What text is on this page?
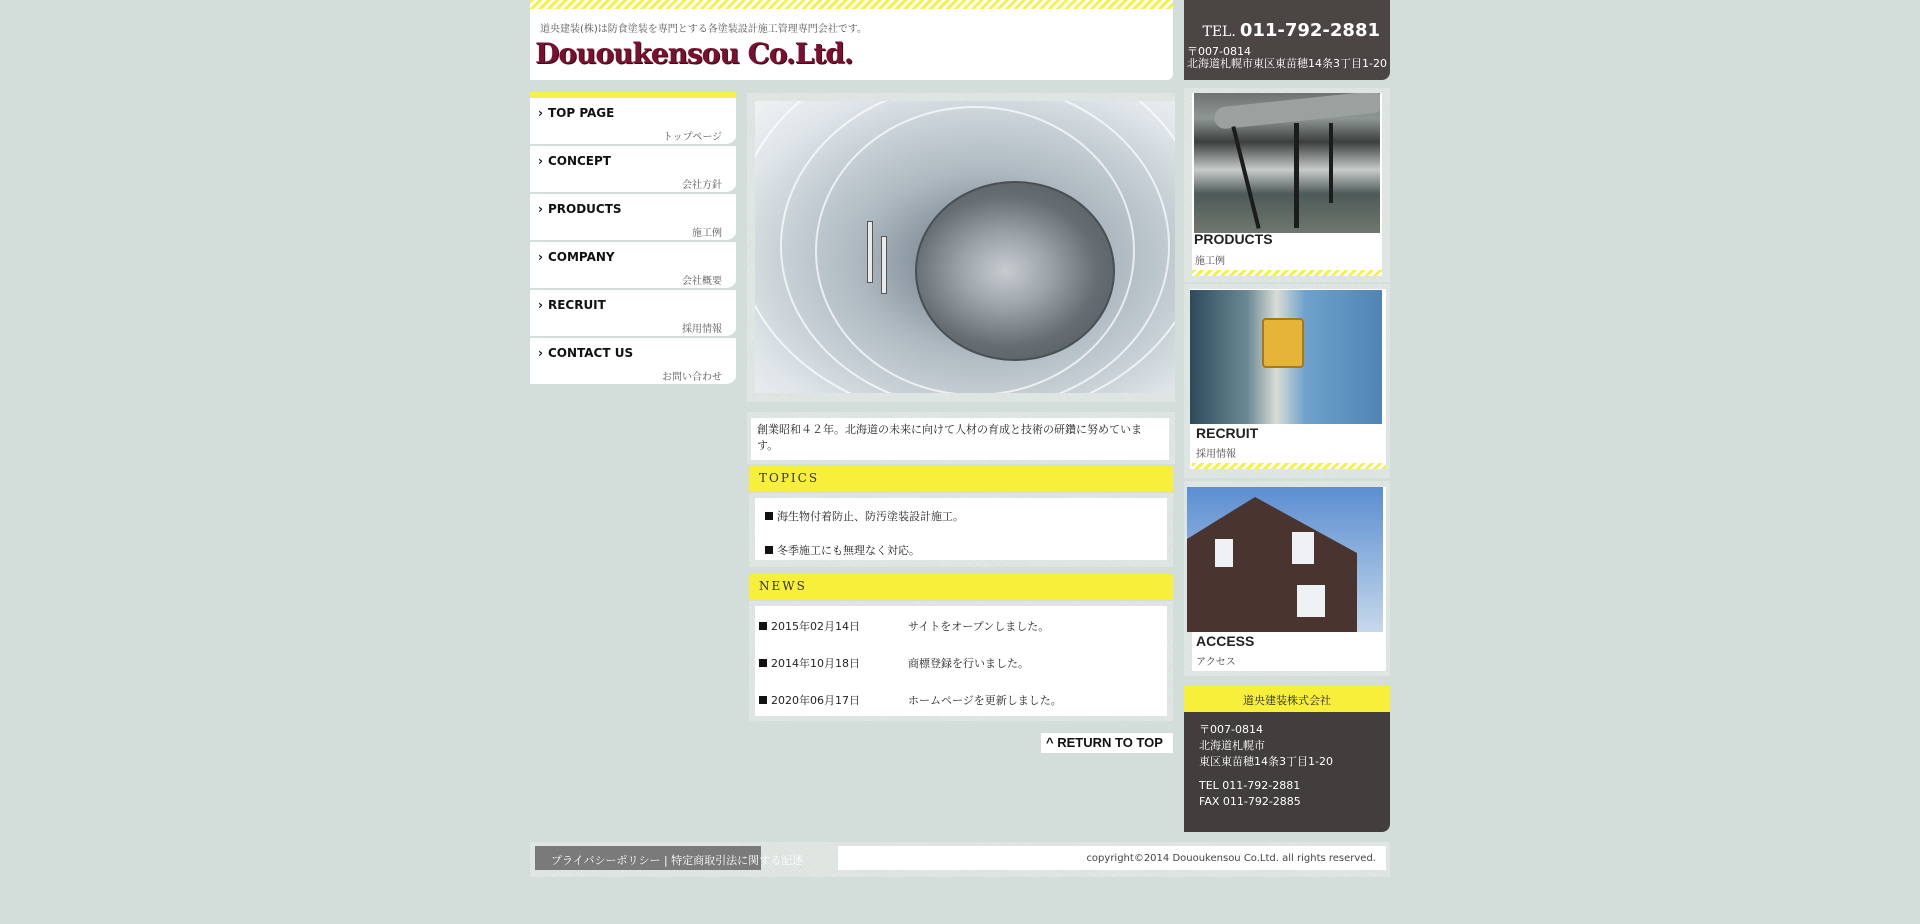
道央建装(株)は防食塗装を専門とする各塗装設計施工管理専門会社です。
Dououkensou Co.Ltd.
TEL. 011-792-2881
〒007-0814
北海道札幌市東区東苗穂14条3丁目1-20
› TOP PAGE
トップページ
› CONCEPT
会社方針
› PRODUCTS
施工例
› COMPANY
会社概要
› RECRUIT
採用情報
› CONTACT US
お問い合わせ
創業昭和４２年。北海道の未来に向けて人材の育成と技術の研鑽に努めています。
TOPICS
海生物付着防止、防汚塗装設計施工。
冬季施工にも無理なく対応。
NEWS
2015年02月14日	サイトをオープンしました。
2014年10月18日	商標登録を行いました。
2020年06月17日	ホームページを更新しました。
^ RETURN TO TOP
PRODUCTS
施工例
RECRUIT
採用情報
ACCESS
アクセス
道央建装株式会社
〒007-0814
北海道札幌市
東区東苗穂14条3丁目1-20
TEL 011-792-2881
FAX 011-792-2885
プライバシーポリシー | 特定商取引法に関する記述	copyright©2014 Dououkensou Co.Ltd. all rights reserved.
